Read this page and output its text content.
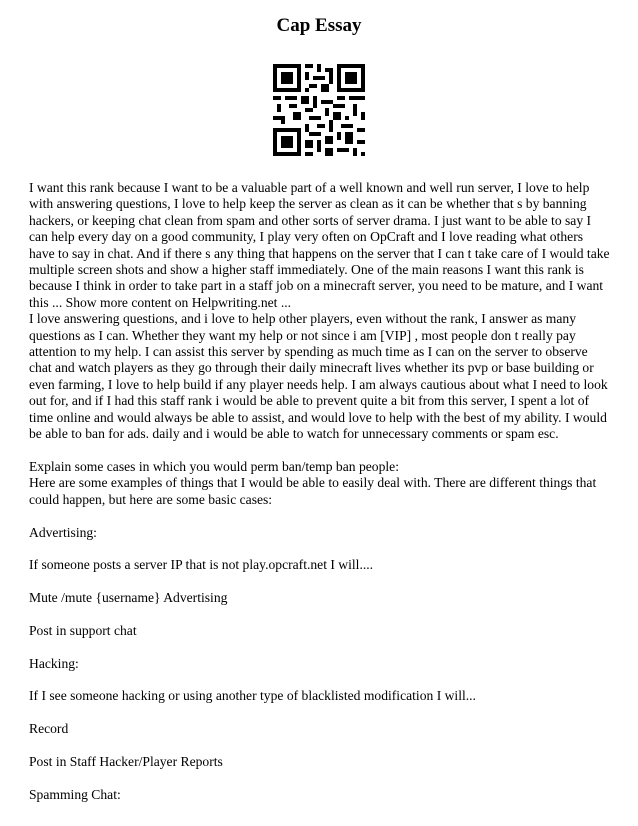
Cap Essay

I want this rank because I want to be a valuable part of a well known and well run server, I love to help with answering questions, I love to help keep the server as clean as it can be whether that s by banning hackers, or keeping chat clean from spam and other sorts of server drama. I just want to be able to say I can help every day on a good community, I play very often on OpCraft and I love reading what others have to say in chat. And if there s any thing that happens on the server that I can t take care of I would take multiple screen shots and show a higher staff immediately. One of the main reasons I want this rank is because I think in order to take part in a staff job on a minecraft server, you need to be mature, and I want this ... Show more content on Helpwriting.net ...

I love answering questions, and i love to help other players, even without the rank, I answer as many questions as I can. Whether they want my help or not since i am [VIP] , most people don t really pay attention to my help. I can assist this server by spending as much time as I can on the server to observe chat and watch players as they go through their daily minecraft lives whether its pvp or base building or even farming, I love to help build if any player needs help. I am always cautious about what I need to look out for, and if I had this staff rank i would be able to prevent quite a bit from this server, I spent a lot of time online and would always be able to assist, and would love to help with the best of my ability. I would be able to ban for ads. daily and i would be able to watch for unnecessary comments or spam esc.

Explain some cases in which you would perm ban/temp ban people:

Here are some examples of things that I would be able to easily deal with. There are different things that could happen, but here are some basic cases:

Advertising:

If someone posts a server IP that is not play.opcraft.net I will....

Mute /mute {username} Advertising

Post in support chat

Hacking:

If I see someone hacking or using another type of blacklisted modification I will...

Record

Post in Staff Hacker/Player Reports

Spamming Chat:
